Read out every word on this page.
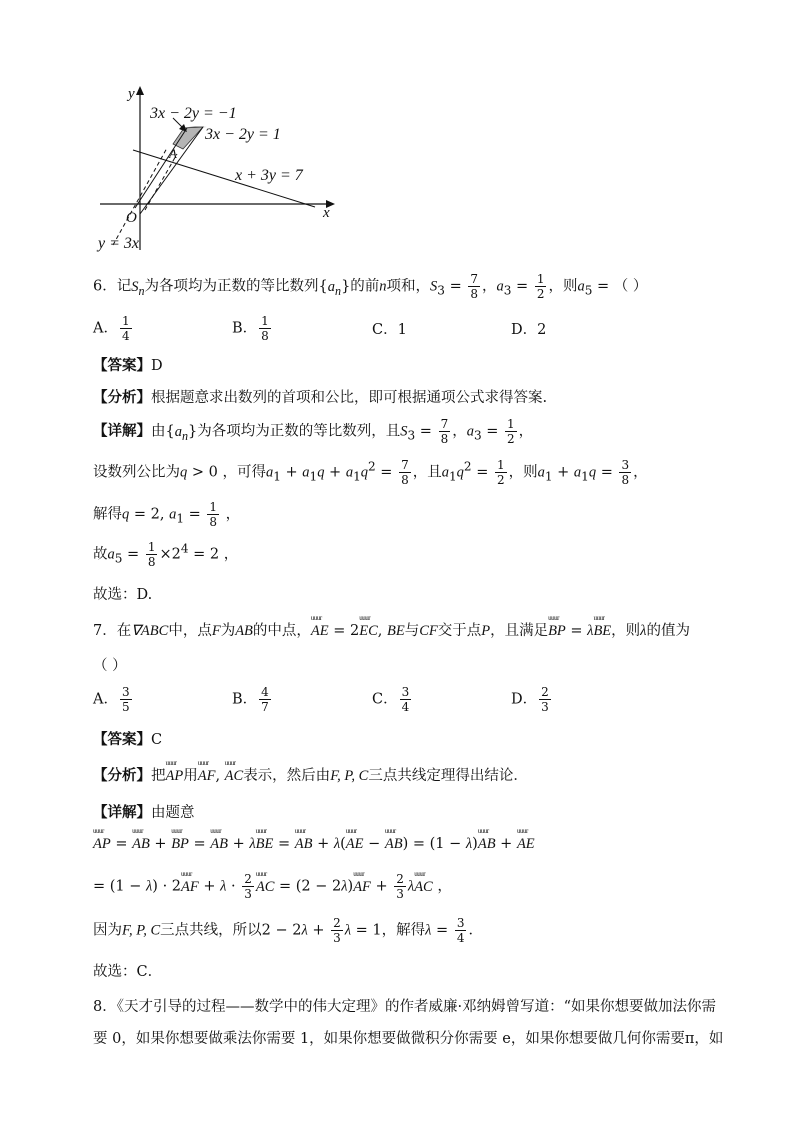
y
x
O
A
3x − 2y = −1
3x − 2y = 1
x + 3y = 7
y = 3x
6．记$S_n$为各项均为正数的等比数列$\{a_n\}$的前n项和，$S_3 = \frac{7}{8}$ ，$a_3 = \frac{1}{2}$ ，则$a_5$ = （ ）
A． $\frac{1}{4}$	B． $\frac{1}{8}$	C．1	D．2
【答案】D
【分析】根据题意求出数列的首项和公比，即可根据通项公式求得答案.
【详解】由$\{a_n\}$为各项均为正数的等比数列，且$S_3 = \frac{7}{8}$ ，$a_3 = \frac{1}{2}$ ，
设数列公比为q > 0 ，可得$a_1 + a_1q + a_1q^2 = \frac{7}{8}$ ，且$a_1q^2 = \frac{1}{2}$ ，则$a_1 + a_1q = \frac{3}{8}$ ，
解得q = 2, $a_1 = \frac{1}{8}$ ，
故$a_5 = \frac{1}{8} \times 2^4 = 2$ ，
故选：D.
7．在∇ABC中，点F为AB的中点，uuur AE = 2uuur EC, BE与CF交于点P，且满足uuur BP = λuuur BE，则λ的值为
（ ）
A． $\frac{3}{5}$	B． $\frac{4}{7}$	C． $\frac{3}{4}$	D． $\frac{2}{3}$
【答案】C
【分析】把uuur AP用uuur AF, uuur AC表示，然后由F, P, C三点共线定理得出结论．
【详解】由题意
uuur AP = uuur AB + uuur BP = uuur AB + λuuur BE = uuur AB + λ(uuur AE − uuur AB) = (1 − λ)uuur AB + uuur AE
= (1 − λ) · 2uuur AF + $\lambda \cdot \frac{2}{3}$
uuur AC = (2 − 2λ)uuur AF + $\frac{2}{3}$ λuuur AC ，
因为F, P, C三点共线，所以$2 - 2\lambda + \frac{2}{3}$ λ = 1，解得$\lambda = \frac{3}{4}$ ．
故选：C．
8．《天才引导的过程——数学中的伟大定理》的作者威廉·邓纳姆曾写道：“如果你想要做加法你需
要 0，如果你想要做乘法你需要 1，如果你想要做微积分你需要 e，如果你想要做几何你需要π，如
